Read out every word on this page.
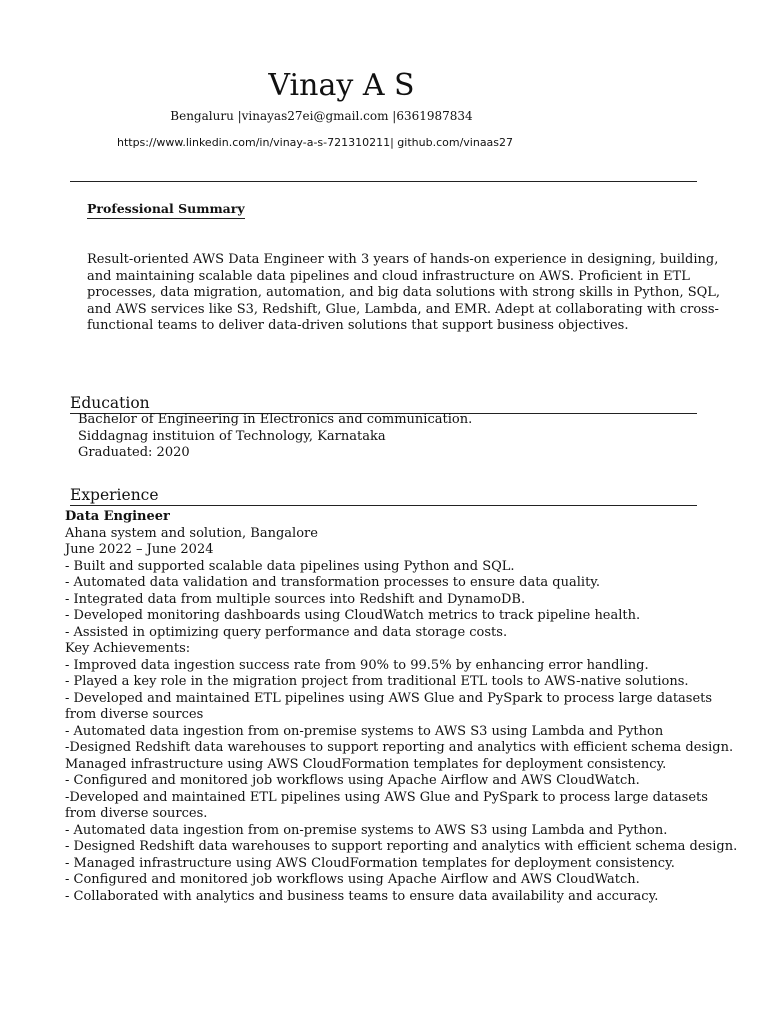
Vinay A S
Bengaluru |vinayas27ei@gmail.com |6361987834
https://www.linkedin.com/in/vinay-a-s-721310211| github.com/vinaas27
Professional Summary
Result-oriented AWS Data Engineer with 3 years of hands-on experience in designing, building, and maintaining scalable data pipelines and cloud infrastructure on AWS. Proficient in ETL processes, data migration, automation, and big data solutions with strong skills in Python, SQL, and AWS services like S3, Redshift, Glue, Lambda, and EMR. Adept at collaborating with cross-functional teams to deliver data-driven solutions that support business objectives.
Education
Bachelor of Engineering in Electronics and communication.
Siddagnag instituion of Technology, Karnataka
Graduated: 2020
Experience
Data Engineer
Ahana system and solution, Bangalore
June 2022 – June 2024
- Built and supported scalable data pipelines using Python and SQL.
- Automated data validation and transformation processes to ensure data quality.
- Integrated data from multiple sources into Redshift and DynamoDB.
- Developed monitoring dashboards using CloudWatch metrics to track pipeline health.
- Assisted in optimizing query performance and data storage costs.
Key Achievements:
- Improved data ingestion success rate from 90% to 99.5% by enhancing error handling.
- Played a key role in the migration project from traditional ETL tools to AWS-native solutions.
- Developed and maintained ETL pipelines using AWS Glue and PySpark to process large datasets from diverse sources
- Automated data ingestion from on-premise systems to AWS S3 using Lambda and Python
-Designed Redshift data warehouses to support reporting and analytics with efficient schema design.
Managed infrastructure using AWS CloudFormation templates for deployment consistency.
- Configured and monitored job workflows using Apache Airflow and AWS CloudWatch.
-Developed and maintained ETL pipelines using AWS Glue and PySpark to process large datasets from diverse sources.
- Automated data ingestion from on-premise systems to AWS S3 using Lambda and Python.
- Designed Redshift data warehouses to support reporting and analytics with efficient schema design.
- Managed infrastructure using AWS CloudFormation templates for deployment consistency.
- Configured and monitored job workflows using Apache Airflow and AWS CloudWatch.
- Collaborated with analytics and business teams to ensure data availability and accuracy.
